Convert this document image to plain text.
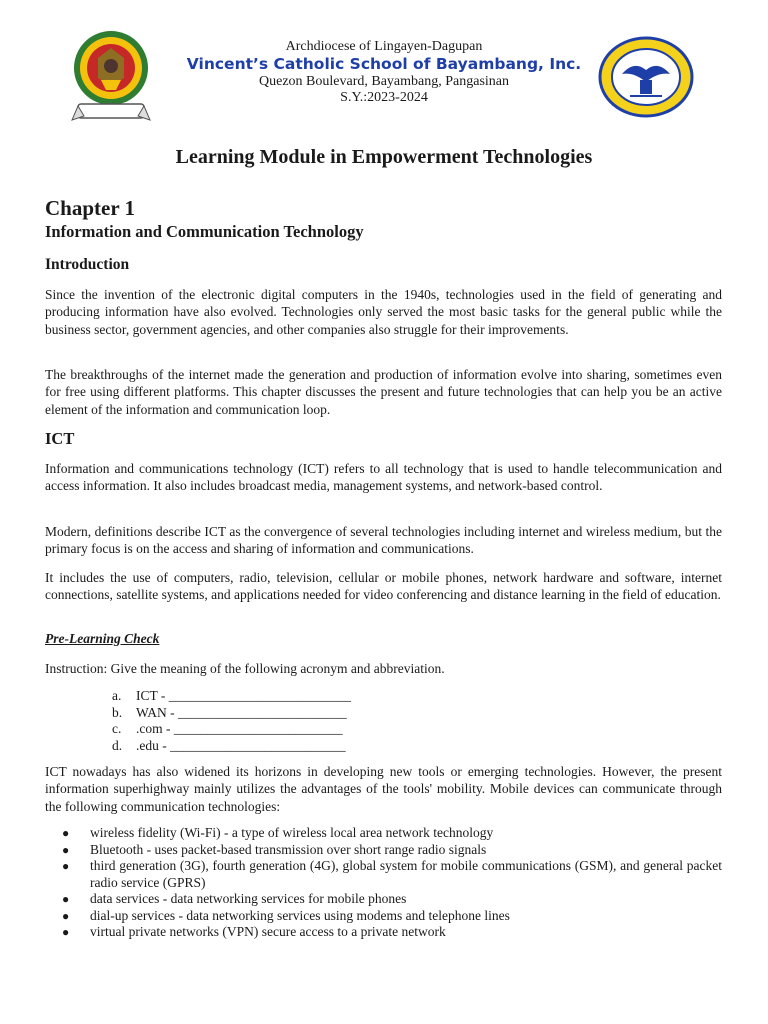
Archdiocese of Lingayen-Dagupan
Vincent’s Catholic School of Bayambang, Inc.
Quezon Boulevard, Bayambang, Pangasinan
S.Y.:2023-2024
Learning Module in Empowerment Technologies
Chapter 1
Information and Communication Technology
Introduction

Since the invention of the electronic digital computers in the 1940s, technologies used in the field of generating and producing information have also evolved. Technologies only served the most basic tasks for the general public while the business sector, government agencies, and other companies also struggle for their improvements.

The breakthroughs of the internet made the generation and production of information evolve into sharing, sometimes even for free using different platforms. This chapter discusses the present and future technologies that can help you be an active element of the information and communication loop.

ICT

Information and communications technology (ICT) refers to all technology that is used to handle telecommunication and access information. It also includes broadcast media, management systems, and network-based control.

Modern, definitions describe ICT as the convergence of several technologies including internet and wireless medium, but the primary focus is on the access and sharing of information and communications.

It includes the use of computers, radio, television, cellular or mobile phones, network hardware and software, internet connections, satellite systems, and applications needed for video conferencing and distance learning in the field of education.

Pre-Learning Check

Instruction: Give the meaning of the following acronym and abbreviation.

a.	ICT - ___________________________
b.	WAN - _________________________
c.	.com - _________________________
d.	.edu - __________________________

ICT nowadays has also widened its horizons in developing new tools or emerging technologies. However, the present information superhighway mainly utilizes the advantages of the tools' mobility. Mobile devices can communicate through the following communication technologies:

●	wireless fidelity (Wi-Fi) - a type of wireless local area network technology
●	Bluetooth - uses packet-based transmission over short range radio signals
●	third generation (3G), fourth generation (4G), global system for mobile communications (GSM), and general packet radio service (GPRS)
●	data services - data networking services for mobile phones
●	dial-up services - data networking services using modems and telephone lines
●	virtual private networks (VPN) secure access to a private network
